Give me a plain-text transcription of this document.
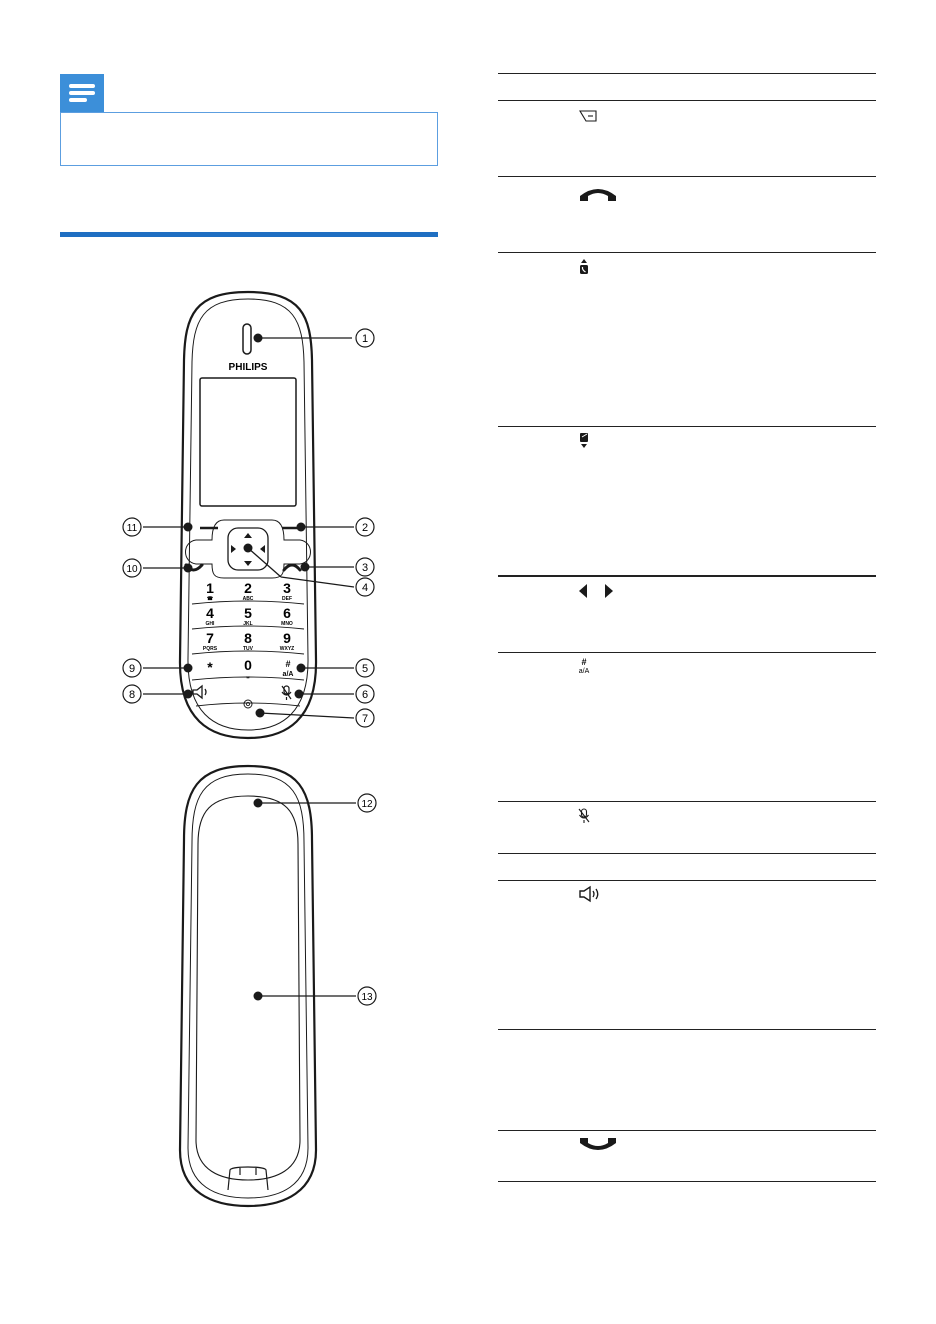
PHILIPS
1
☎
2
ABC
3
DEF
4
GHI
5
JKL
6
MNO
7
PQRS
8
TUV
9
WXYZ
* 0
␣
#
a/A
1
2
3
4
5
6
7
8
9
10
11
12
13
#
a/A
